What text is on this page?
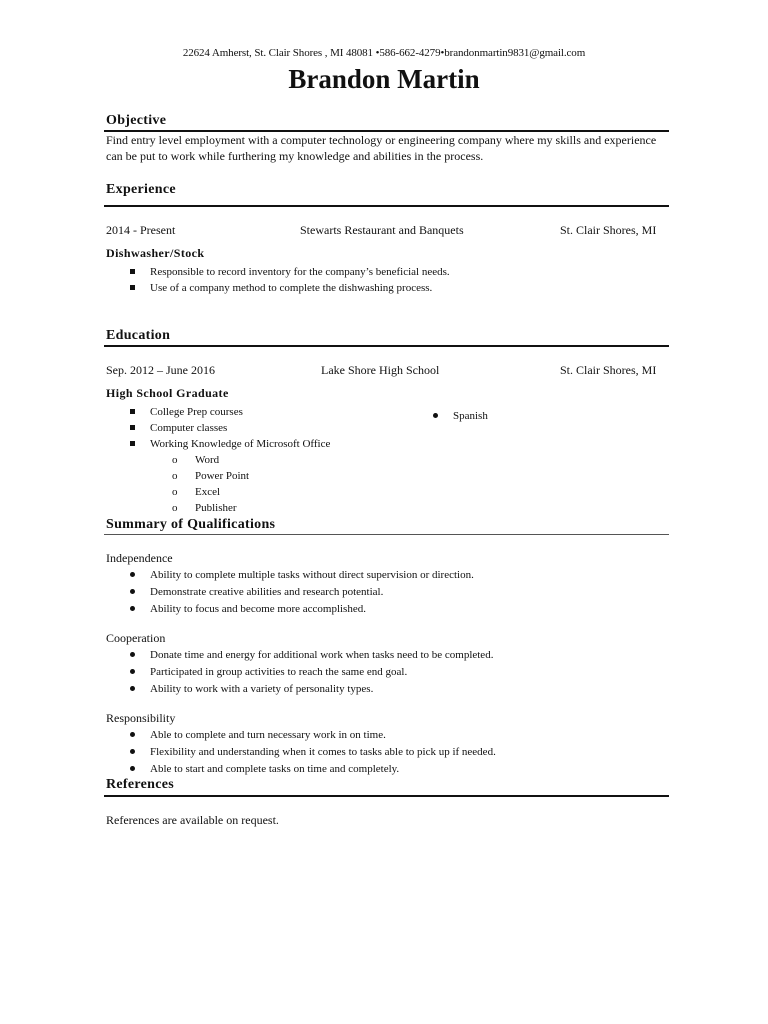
22624 Amherst, St. Clair Shores , MI 48081 •586-662-4279•brandonmartin9831@gmail.com
Brandon Martin
Objective
Find entry level employment with a computer technology or engineering company where my skills and experience can be put to work while furthering my knowledge and abilities in the process.
Experience
2014 - Present	Stewarts Restaurant and Banquets	St. Clair Shores, MI
Dishwasher/Stock
Responsible to record inventory for the company’s beneficial needs.
Use of a company method to complete the dishwashing process.
Education
Sep. 2012 – June 2016	Lake Shore High School	St. Clair Shores, MI
High School Graduate
College Prep courses
Computer classes
Working Knowledge of Microsoft Office
o Word
o Power Point
o Excel
o Publisher
Spanish
Summary of Qualifications
Independence
Ability to complete multiple tasks without direct supervision or direction.
Demonstrate creative abilities and research potential.
Ability to focus and become more accomplished.
Cooperation
Donate time and energy for additional work when tasks need to be completed.
Participated in group activities to reach the same end goal.
Ability to work with a variety of personality types.
Responsibility
Able to complete and turn necessary work in on time.
Flexibility and understanding when it comes to tasks able to pick up if needed.
Able to start and complete tasks on time and completely.
References
References are available on request.
